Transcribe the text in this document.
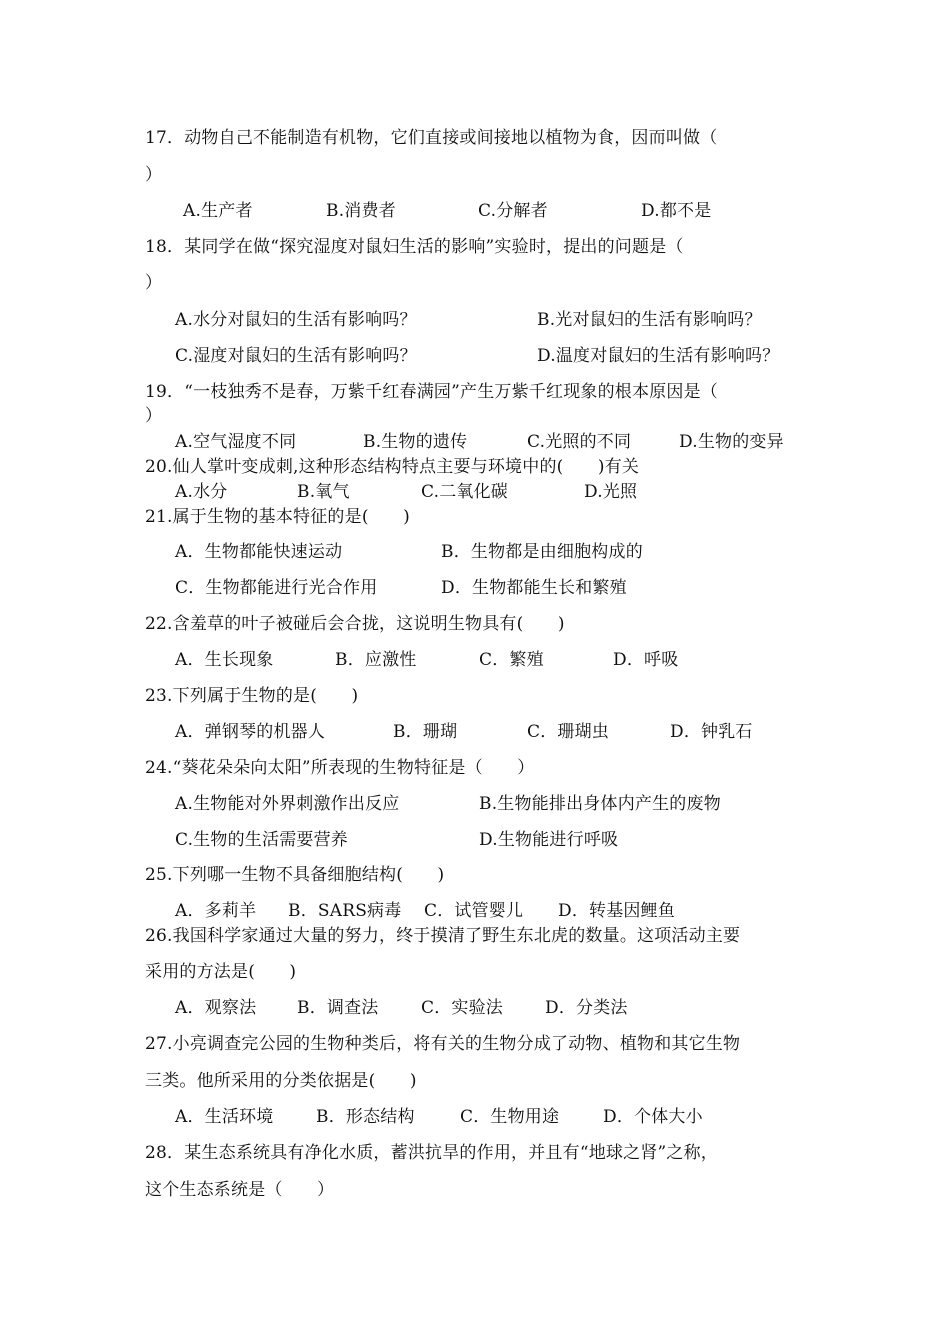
17．动物自己不能制造有机物，它们直接或间接地以植物为食，因而叫做（
）
A.生产者	B.消费者	C.分解者	D.都不是
18．某同学在做“探究湿度对鼠妇生活的影响”实验时，提出的问题是（
）
A.水分对鼠妇的生活有影响吗？	B.光对鼠妇的生活有影响吗？
C.湿度对鼠妇的生活有影响吗？	D.温度对鼠妇的生活有影响吗？
19．“一枝独秀不是春，万紫千红春满园”产生万紫千红现象的根本原因是（
）
A.空气湿度不同	B.生物的遗传	C.光照的不同	D.生物的变异
20.仙人掌叶变成刺,这种形态结构特点主要与环境中的(　　)有关
A.水分	B.氧气	C.二氧化碳	D.光照
21.属于生物的基本特征的是(　　)
A．生物都能快速运动	B．生物都是由细胞构成的
C．生物都能进行光合作用	D．生物都能生长和繁殖
22.含羞草的叶子被碰后会合拢，这说明生物具有(　　)
A．生长现象	B．应激性	C．繁殖	D．呼吸
23.下列属于生物的是(　　)
A．弹钢琴的机器人	B．珊瑚	C．珊瑚虫	D．钟乳石
24.“葵花朵朵向太阳”所表现的生物特征是（　　）
A.生物能对外界刺激作出反应	B.生物能排出身体内产生的废物
C.生物的生活需要营养	D.生物能进行呼吸
25.下列哪一生物不具备细胞结构(　　)
A．多莉羊 B．SARS病毒 C．试管婴儿 D．转基因鲤鱼
26.我国科学家通过大量的努力，终于摸清了野生东北虎的数量。这项活动主要
采用的方法是(　　)
A．观察法 B．调查法	C．实验法 D．分类法
27.小亮调查完公园的生物种类后，将有关的生物分成了动物、植物和其它生物
三类。他所采用的分类依据是(　　)
A．生活环境	B．形态结构	C．生物用途	D．个体大小
28．某生态系统具有净化水质，蓄洪抗旱的作用，并且有“地球之肾”之称，
这个生态系统是（　　）
